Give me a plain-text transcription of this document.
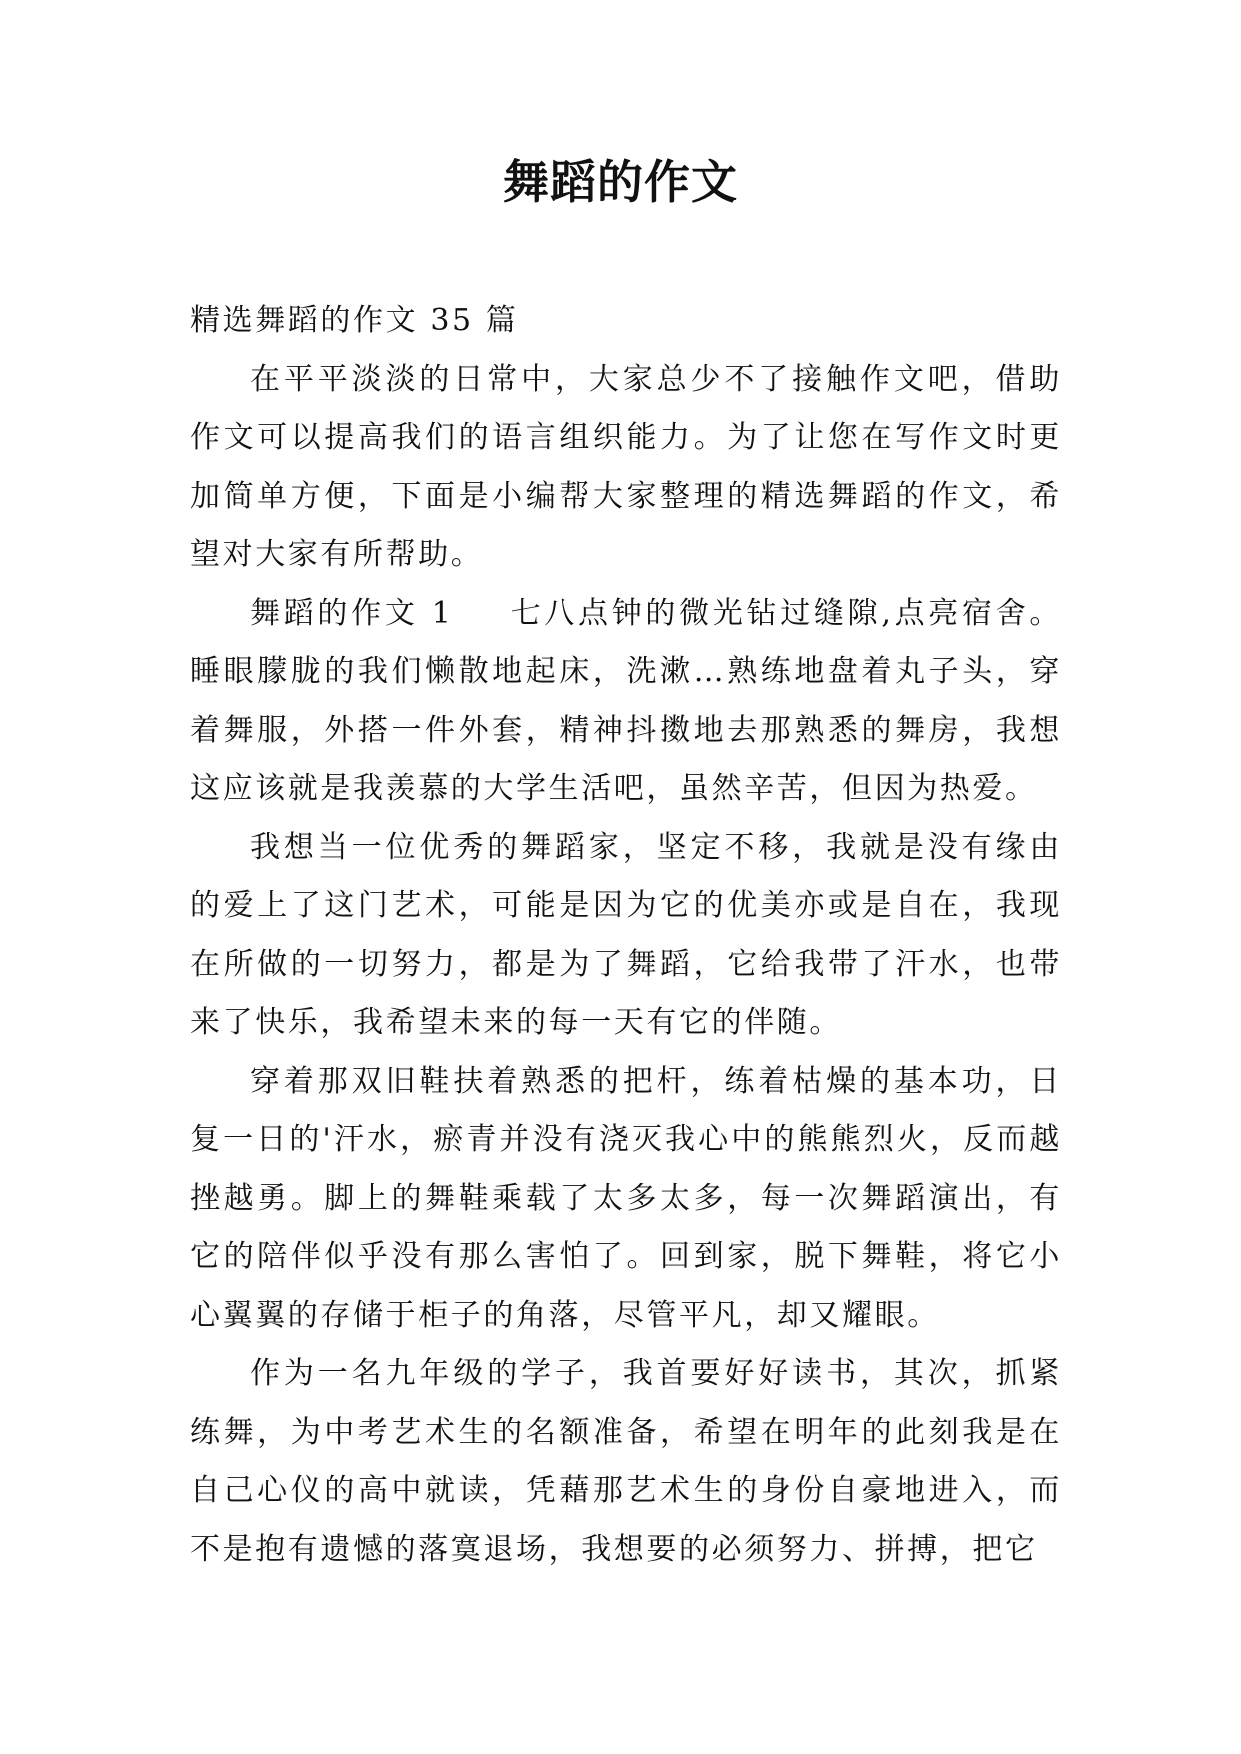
舞蹈的作文

精选舞蹈的作文 35 篇

在平平淡淡的日常中，大家总少不了接触作文吧，借助作文可以提高我们的语言组织能力。为了让您在写作文时更加简单方便，下面是小编帮大家整理的精选舞蹈的作文，希望对大家有所帮助。

舞蹈的作文 1 七八点钟的微光钻过缝隙,点亮宿舍。睡眼朦胧的我们懒散地起床，洗漱…熟练地盘着丸子头，穿着舞服，外搭一件外套，精神抖擞地去那熟悉的舞房，我想这应该就是我羡慕的大学生活吧，虽然辛苦，但因为热爱。

我想当一位优秀的舞蹈家，坚定不移，我就是没有缘由的爱上了这门艺术，可能是因为它的优美亦或是自在，我现在所做的一切努力，都是为了舞蹈，它给我带了汗水，也带来了快乐，我希望未来的每一天有它的伴随。

穿着那双旧鞋扶着熟悉的把杆，练着枯燥的基本功，日复一日的'汗水，瘀青并没有浇灭我心中的熊熊烈火，反而越挫越勇。脚上的舞鞋乘载了太多太多，每一次舞蹈演出，有它的陪伴似乎没有那么害怕了。回到家，脱下舞鞋，将它小心翼翼的存储于柜子的角落，尽管平凡，却又耀眼。

作为一名九年级的学子，我首要好好读书，其次，抓紧练舞，为中考艺术生的名额准备，希望在明年的此刻我是在自己心仪的高中就读，凭藉那艺术生的身份自豪地进入，而不是抱有遗憾的落寞退场，我想要的必须努力、拼搏，把它
